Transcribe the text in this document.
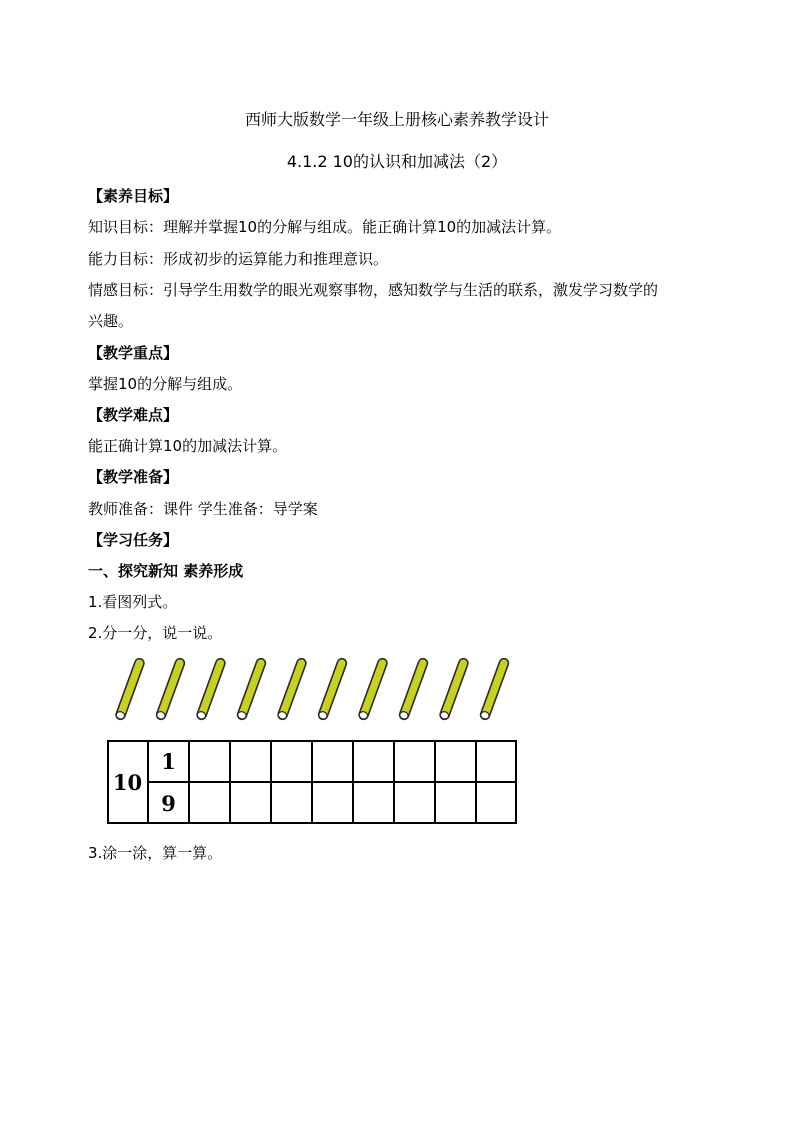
西师大版数学一年级上册核心素养教学设计
4.1.2 10的认识和加减法（2）
【素养目标】
知识目标：理解并掌握10的分解与组成。能正确计算10的加减法计算。
能力目标：形成初步的运算能力和推理意识。
情感目标：引导学生用数学的眼光观察事物，感知数学与生活的联系，激发学习数学的
兴趣。
【教学重点】
掌握10的分解与组成。
【教学难点】
能正确计算10的加减法计算。
【教学准备】
教师准备：课件 学生准备：导学案
【学习任务】
一、探究新知 素养形成
1.看图列式。
2.分一分，说一说。
10
1
9
3.涂一涂，算一算。
